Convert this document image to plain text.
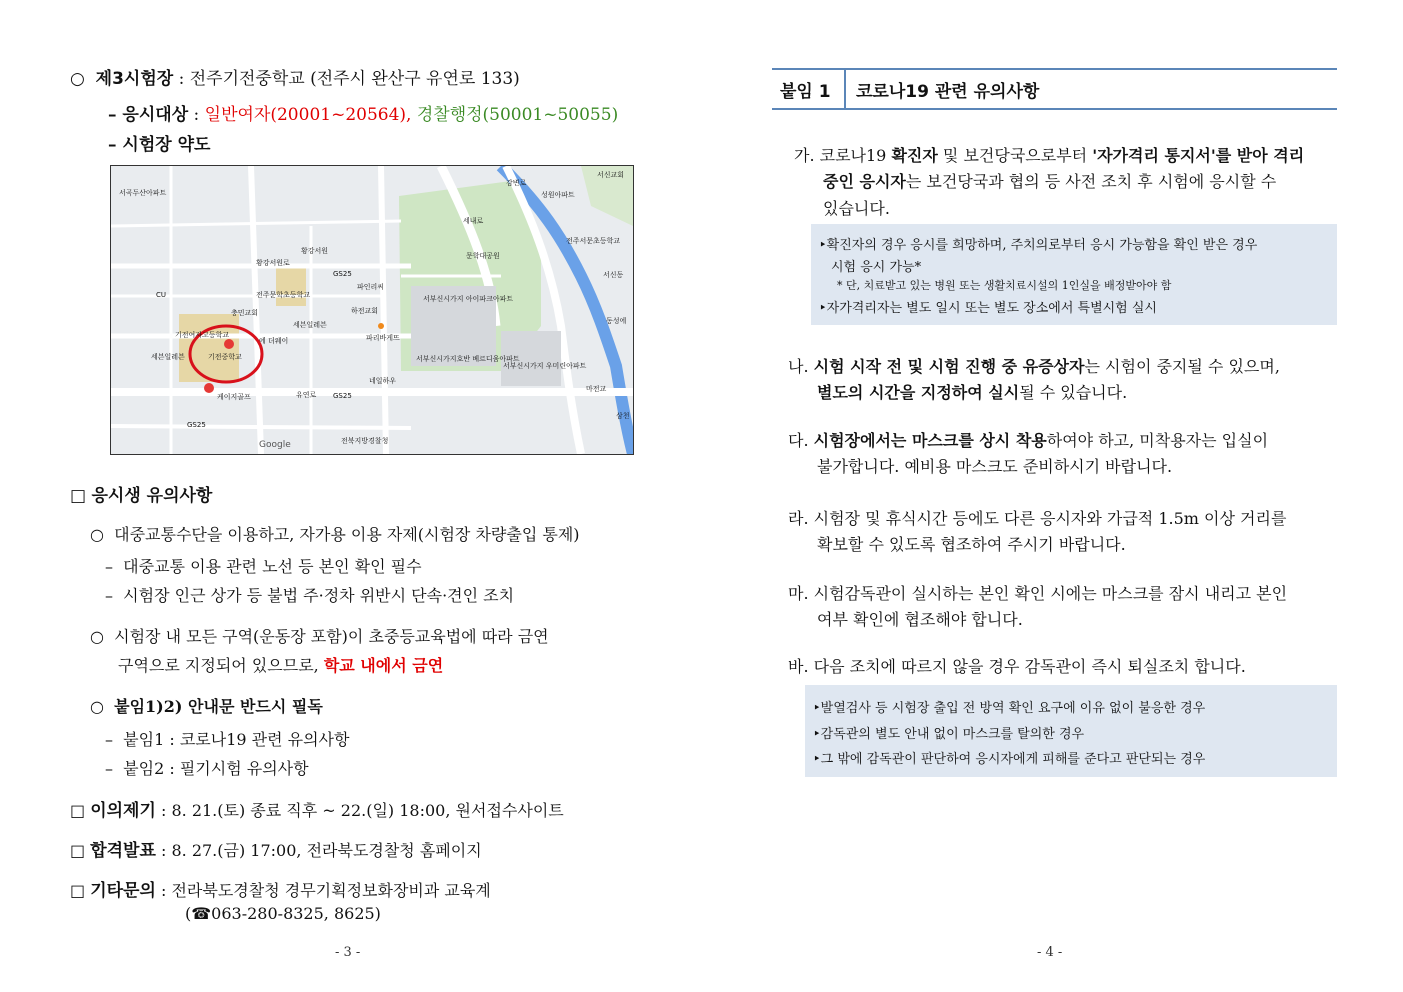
○  제3시험장 : 전주기전중학교 (전주시 완산구 유연로 133)
– 응시대상 : 일반여자(20001~20564), 경찰행정(50001~50055)
– 시험장 약도
서곡두산아파트
황강서원
황강서원로
GS25
파인리씨
전주문학초등학교
충민교회
세븐일레븐
기전여자고등학교
기전중학교
세븐일레븐
에 더웨이	파리바게뜨
케이지골프	유연로 GS25
네일하우
GS25
전북지방경찰청
문학대공원
세내로
서부신시가지 아이파크아파트
서부신시가지호반 베르디움아파트
서부신시가지 우미린아파트
성원아파트
전주서문초등학교
서신동
마전교
CU
Google
서신교회
동성에
삼천
감변로
하전교회
□ 응시생 유의사항
○  대중교통수단을 이용하고, 자가용 이용 자제(시험장 차량출입 통제)
–  대중교통 이용 관련 노선 등 본인 확인 필수
–  시험장 인근 상가 등 불법 주·정차 위반시 단속·견인 조치
○  시험장 내 모든 구역(운동장 포함)이 초중등교육법에 따라 금연
구역으로 지정되어 있으므로, 학교 내에서 금연
○  붙임1)2) 안내문 반드시 필독
–  붙임1 : 코로나19 관련 유의사항
–  붙임2 : 필기시험 유의사항
□ 이의제기 : 8. 21.(토) 종료 직후 ~ 22.(일) 18:00, 원서접수사이트
□ 합격발표 : 8. 27.(금) 17:00, 전라북도경찰청 홈페이지
□ 기타문의 : 전라북도경찰청 경무기획정보화장비과 교육계
(☎063-280-8325, 8625)
- 3 -
붙임 1 코로나19 관련 유의사항
가. 코로나19 확진자 및 보건당국으로부터 '자가격리 통지서'를 받아 격리
중인 응시자는 보건당국과 협의 등 사전 조치 후 시험에 응시할 수
있습니다.
‣확진자의 경우 응시를 희망하며, 주치의로부터 응시 가능함을 확인 받은 경우
시험 응시 가능*
* 단, 치료받고 있는 병원 또는 생활치료시설의 1인실을 배정받아야 함
‣자가격리자는 별도 일시 또는 별도 장소에서 특별시험 실시
나. 시험 시작 전 및 시험 진행 중 유증상자는 시험이 중지될 수 있으며,
별도의 시간을 지정하여 실시될 수 있습니다.
다. 시험장에서는 마스크를 상시 착용하여야 하고, 미착용자는 입실이
불가합니다. 예비용 마스크도 준비하시기 바랍니다.
라. 시험장 및 휴식시간 등에도 다른 응시자와 가급적 1.5m 이상 거리를
확보할 수 있도록 협조하여 주시기 바랍니다.
마. 시험감독관이 실시하는 본인 확인 시에는 마스크를 잠시 내리고 본인
여부 확인에 협조해야 합니다.
바. 다음 조치에 따르지 않을 경우 감독관이 즉시 퇴실조치 합니다.
‣발열검사 등 시험장 출입 전 방역 확인 요구에 이유 없이 불응한 경우
‣감독관의 별도 안내 없이 마스크를 탈의한 경우
‣그 밖에 감독관이 판단하여 응시자에게 피해를 준다고 판단되는 경우
- 4 -
